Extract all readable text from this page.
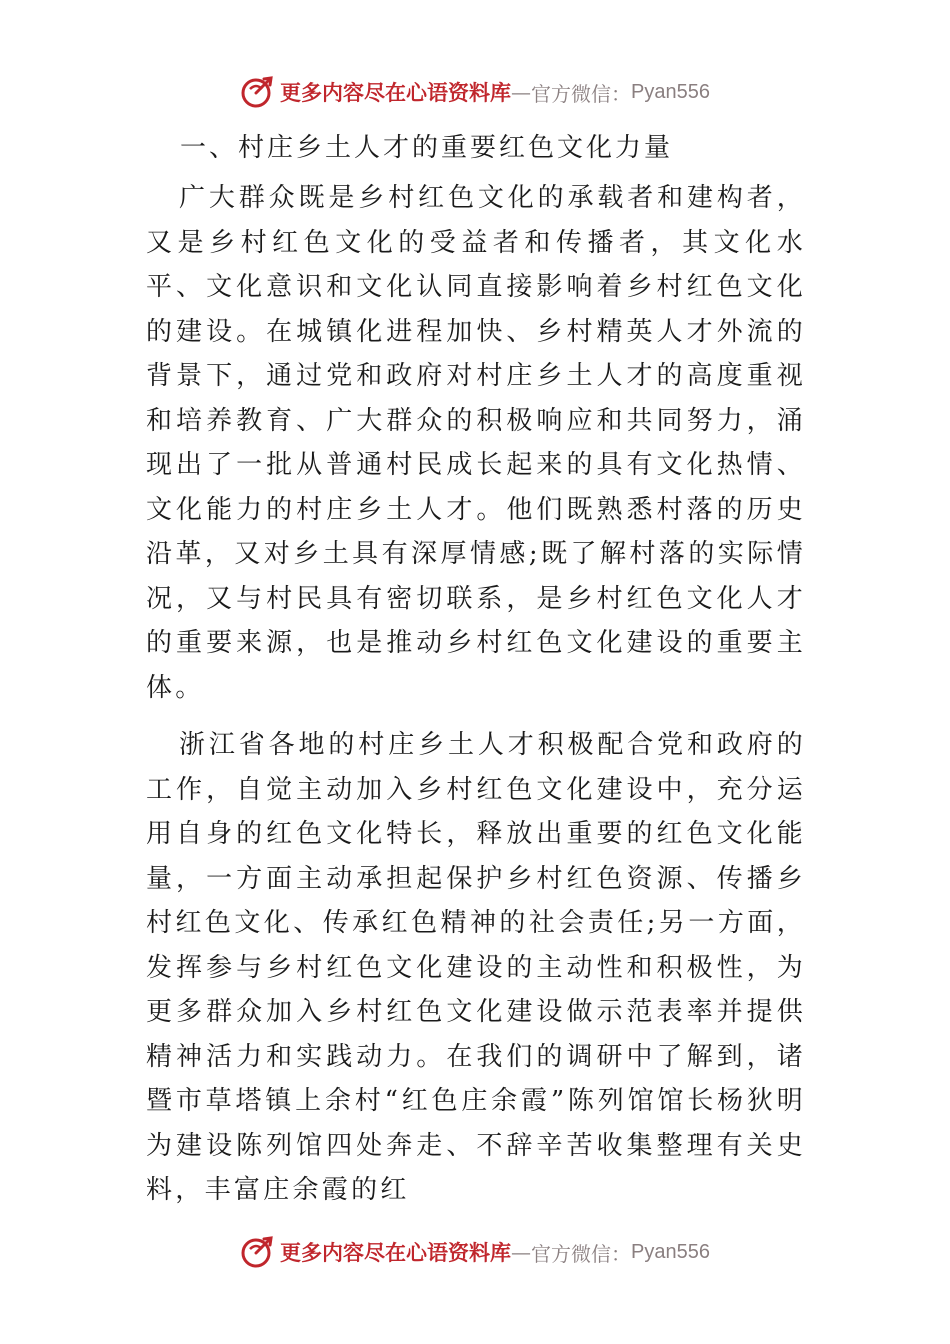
更多内容尽在心语资料库 — 官方微信： Pyan556
一、村庄乡土人才的重要红色文化力量

广大群众既是乡村红色文化的承载者和建构者，又是乡村红色文化的受益者和传播者，其文化水平、文化意识和文化认同直接影响着乡村红色文化的建设。在城镇化进程加快、乡村精英人才外流的背景下，通过党和政府对村庄乡土人才的高度重视和培养教育、广大群众的积极响应和共同努力，涌现出了一批从普通村民成长起来的具有文化热情、文化能力的村庄乡土人才。他们既熟悉村落的历史沿革，又对乡土具有深厚情感;既了解村落的实际情况，又与村民具有密切联系，是乡村红色文化人才的重要来源，也是推动乡村红色文化建设的重要主体。

浙江省各地的村庄乡土人才积极配合党和政府的工作，自觉主动加入乡村红色文化建设中，充分运用自身的红色文化特长，释放出重要的红色文化能量，一方面主动承担起保护乡村红色资源、传播乡村红色文化、传承红色精神的社会责任;另一方面，发挥参与乡村红色文化建设的主动性和积极性，为更多群众加入乡村红色文化建设做示范表率并提供精神活力和实践动力。在我们的调研中了解到，诸暨市草塔镇上余村“红色庄余霞”陈列馆馆长杨狄明为建设陈列馆四处奔走、不辞辛苦收集整理有关史料，丰富庄余霞的红

更多内容尽在心语资料库 — 官方微信： Pyan556
